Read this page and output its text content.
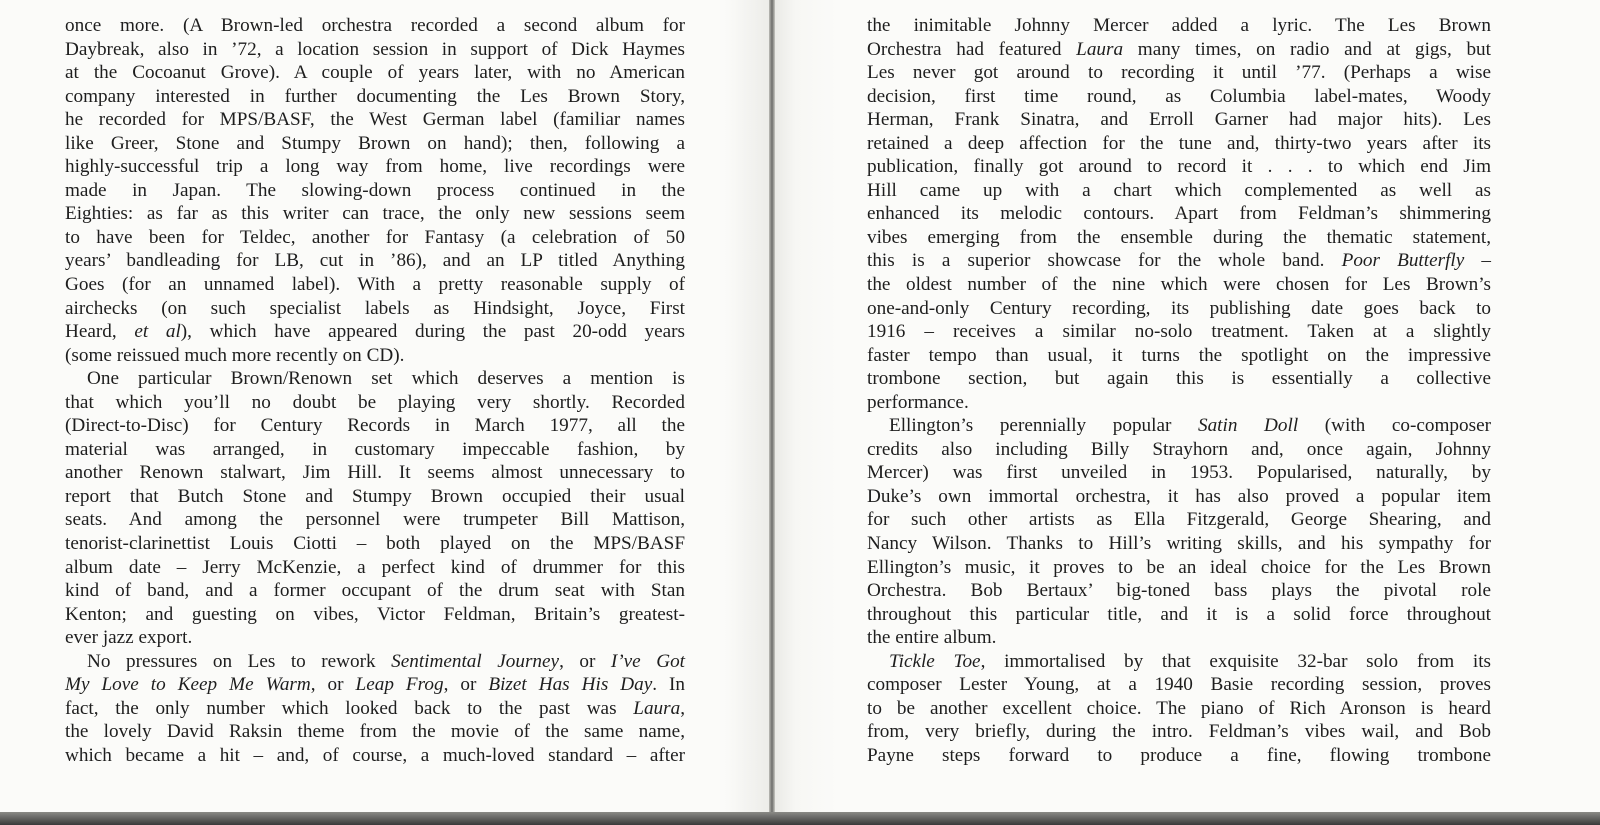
once more. (A Brown-led orchestra recorded a second album for
Daybreak, also in ’72, a location session in support of Dick Haymes
at the Cocoanut Grove). A couple of years later, with no American
company interested in further documenting the Les Brown Story,
he recorded for MPS/BASF, the West German label (familiar names
like Greer, Stone and Stumpy Brown on hand); then, following a
highly-successful trip a long way from home, live recordings were
made in Japan. The slowing-down process continued in the
Eighties: as far as this writer can trace, the only new sessions seem
to have been for Teldec, another for Fantasy (a celebration of 50
years’ bandleading for LB, cut in ’86), and an LP titled Anything
Goes (for an unnamed label). With a pretty reasonable supply of
airchecks (on such specialist labels as Hindsight, Joyce, First
Heard, et al), which have appeared during the past 20-odd years
(some reissued much more recently on CD).
One particular Brown/Renown set which deserves a mention is
that which you’ll no doubt be playing very shortly. Recorded
(Direct-to-Disc) for Century Records in March 1977, all the
material was arranged, in customary impeccable fashion, by
another Renown stalwart, Jim Hill. It seems almost unnecessary to
report that Butch Stone and Stumpy Brown occupied their usual
seats. And among the personnel were trumpeter Bill Mattison,
tenorist-clarinettist Louis Ciotti – both played on the MPS/BASF
album date – Jerry McKenzie, a perfect kind of drummer for this
kind of band, and a former occupant of the drum seat with Stan
Kenton; and guesting on vibes, Victor Feldman, Britain’s greatest-
ever jazz export.
No pressures on Les to rework Sentimental Journey, or I’ve Got
My Love to Keep Me Warm, or Leap Frog, or Bizet Has His Day. In
fact, the only number which looked back to the past was Laura,
the lovely David Raksin theme from the movie of the same name,
which became a hit – and, of course, a much-loved standard – after
the inimitable Johnny Mercer added a lyric. The Les Brown
Orchestra had featured Laura many times, on radio and at gigs, but
Les never got around to recording it until ’77. (Perhaps a wise
decision, first time round, as Columbia label-mates, Woody
Herman, Frank Sinatra, and Erroll Garner had major hits). Les
retained a deep affection for the tune and, thirty-two years after its
publication, finally got around to record it . . . to which end Jim
Hill came up with a chart which complemented as well as
enhanced its melodic contours. Apart from Feldman’s shimmering
vibes emerging from the ensemble during the thematic statement,
this is a superior showcase for the whole band. Poor Butterfly –
the oldest number of the nine which were chosen for Les Brown’s
one-and-only Century recording, its publishing date goes back to
1916 – receives a similar no-solo treatment. Taken at a slightly
faster tempo than usual, it turns the spotlight on the impressive
trombone section, but again this is essentially a collective
performance.
Ellington’s perennially popular Satin Doll (with co-composer
credits also including Billy Strayhorn and, once again, Johnny
Mercer) was first unveiled in 1953. Popularised, naturally, by
Duke’s own immortal orchestra, it has also proved a popular item
for such other artists as Ella Fitzgerald, George Shearing, and
Nancy Wilson. Thanks to Hill’s writing skills, and his sympathy for
Ellington’s music, it proves to be an ideal choice for the Les Brown
Orchestra. Bob Bertaux’ big-toned bass plays the pivotal role
throughout this particular title, and it is a solid force throughout
the entire album.
Tickle Toe, immortalised by that exquisite 32-bar solo from its
composer Lester Young, at a 1940 Basie recording session, proves
to be another excellent choice. The piano of Rich Aronson is heard
from, very briefly, during the intro. Feldman’s vibes wail, and Bob
Payne steps forward to produce a fine, flowing trombone
